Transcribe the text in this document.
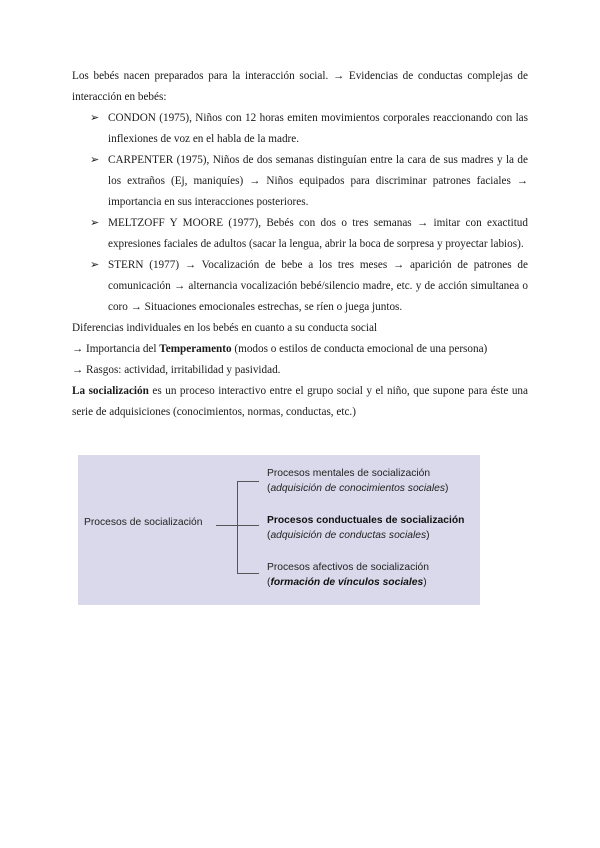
Los bebés nacen preparados para la interacción social. → Evidencias de conductas complejas de interacción en bebés:
➢ CONDON (1975), Niños con 12 horas emiten movimientos corporales reaccionando con las inflexiones de voz en el habla de la madre.
➢ CARPENTER (1975), Niños de dos semanas distinguían entre la cara de sus madres y la de los extraños (Ej, maniquíes) → Niños equipados para discriminar patrones faciales → importancia en sus interacciones posteriores.
➢ MELTZOFF Y MOORE (1977), Bebés con dos o tres semanas → imitar con exactitud expresiones faciales de adultos (sacar la lengua, abrir la boca de sorpresa y proyectar labios).
➢ STERN (1977) → Vocalización de bebe a los tres meses → aparición de patrones de comunicación → alternancia vocalización bebé/silencio madre, etc. y de acción simultanea o coro → Situaciones emocionales estrechas, se ríen o juega juntos.
Diferencias individuales en los bebés en cuanto a su conducta social
→ Importancia del Temperamento (modos o estilos de conducta emocional de una persona)
→ Rasgos: actividad, irritabilidad y pasividad.
La socialización es un proceso interactivo entre el grupo social y el niño, que supone para éste una serie de adquisiciones (conocimientos, normas, conductas, etc.)
Procesos de socialización
Procesos mentales de socialización
(adquisición de conocimientos sociales)
Procesos conductuales de socialización
(adquisición de conductas sociales)
Procesos afectivos de socialización
(formación de vínculos sociales)
